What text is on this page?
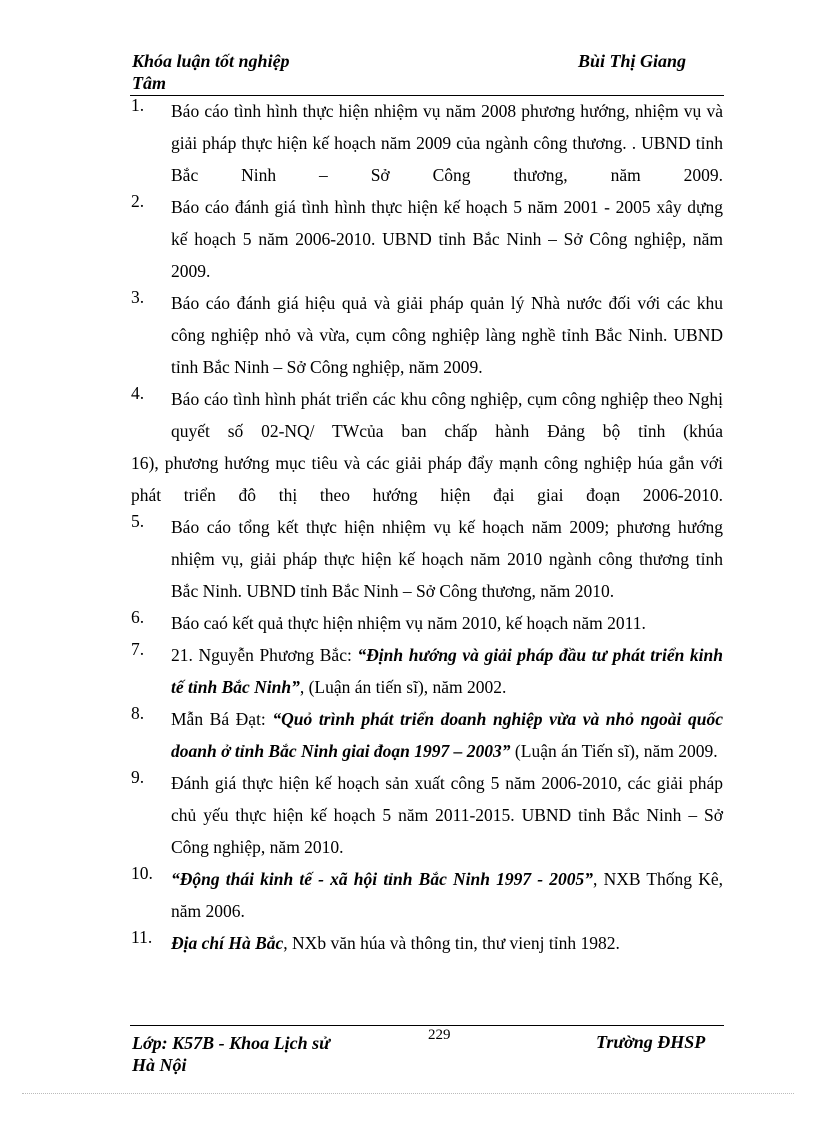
Khóa luận tốt nghiệp
Tâm
Bùi Thị Giang
1.	Báo cáo tình hình thực hiện nhiệm vụ năm 2008 phương hướng, nhiệm vụ và giải pháp thực hiện kế hoạch năm 2009 của ngành công thương. . UBND tỉnh Bắc Ninh – Sở Công thương, năm 2009.
2.	Báo cáo đánh giá tình hình thực hiện kế hoạch 5 năm 2001 - 2005 xây dựng kế hoạch 5 năm 2006-2010. UBND tỉnh Bắc Ninh – Sở Công nghiệp, năm 2009.
3.	Báo cáo đánh giá hiệu quả và giải pháp quản lý Nhà nước đối với các khu công nghiệp nhỏ và vừa, cụm công nghiệp làng nghề tỉnh Bắc Ninh. UBND tỉnh Bắc Ninh – Sở Công nghiệp, năm 2009.
4.	Báo cáo tình hình phát triển các khu công nghiệp, cụm công nghiệp theo Nghị quyết số 02-NQ/ TWcủa ban chấp hành Đảng bộ tỉnh (khúa
16), phương hướng mục tiêu và các giải pháp đẩy mạnh công nghiệp húa gắn với phát triển đô thị theo hướng hiện đại giai đoạn 2006-2010.
5.	Báo cáo tổng kết thực hiện nhiệm vụ kế hoạch năm 2009; phương hướng nhiệm vụ, giải pháp thực hiện kế hoạch năm 2010 ngành công thương tỉnh Bắc Ninh. UBND tỉnh Bắc Ninh – Sở Công thương, năm 2010.
6.	Báo caó kết quả thực hiện nhiệm vụ năm 2010, kế hoạch năm 2011.
7.	21. Nguyễn Phương Bắc: “Định hướng và giải pháp đầu tư phát triển kinh tế tỉnh Bắc Ninh”, (Luận án tiến sĩ), năm 2002.
8.	Mẫn Bá Đạt: “Quỏ trình phát triển doanh nghiệp vừa và nhỏ ngoài quốc doanh ở tỉnh Bắc Ninh giai đoạn 1997 – 2003” (Luận án Tiến sĩ), năm 2009.
9.	Đánh giá thực hiện kế hoạch sản xuất công 5 năm 2006-2010, các giải pháp chủ yếu thực hiện kế hoạch 5 năm 2011-2015. UBND tỉnh Bắc Ninh – Sở Công nghiệp, năm 2010.
10.	“Động thái kinh tế - xã hội tỉnh Bắc Ninh 1997 - 2005”, NXB Thống Kê, năm 2006.
11.	Địa chí Hà Bắc, NXb văn húa và thông tin, thư vienj tỉnh 1982.
Lớp: K57B - Khoa Lịch sử
Hà Nội
229	Trường ĐHSP
